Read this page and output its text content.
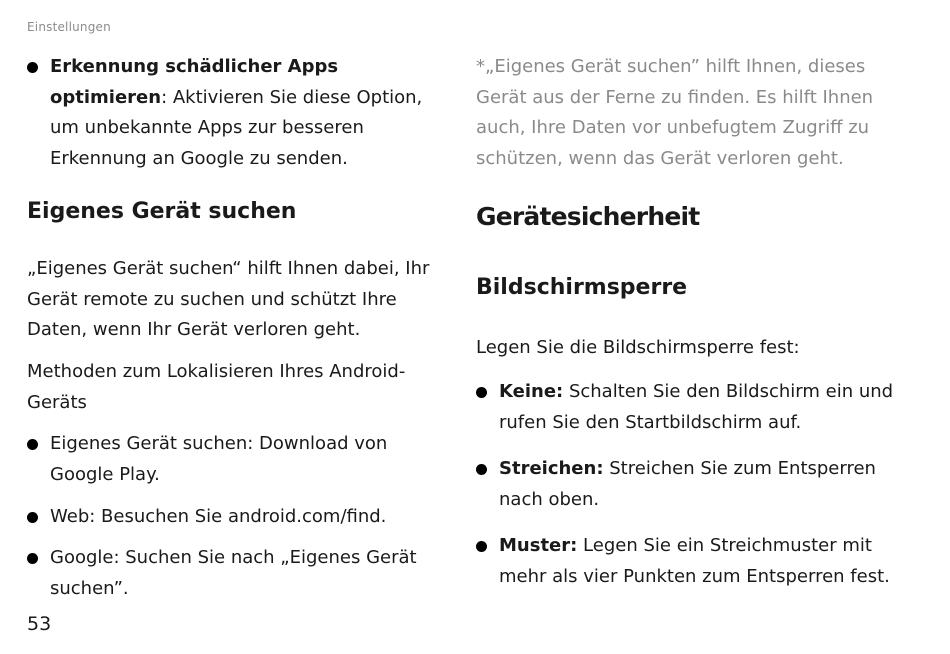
Einstellungen
Erkennung schädlicher Apps optimieren: Aktivieren Sie diese Option, um unbekannte Apps zur besseren Erkennung an Google zu senden.
Eigenes Gerät suchen

„Eigenes Gerät suchen“ hilft Ihnen dabei, Ihr Gerät remote zu suchen und schützt Ihre Daten, wenn Ihr Gerät verloren geht.

Methoden zum Lokalisieren Ihres Android-Geräts

Eigenes Gerät suchen: Download von Google Play.
Web: Besuchen Sie android.com/find.
Google: Suchen Sie nach „Eigenes Gerät suchen”.

*„Eigenes Gerät suchen” hilft Ihnen, dieses Gerät aus der Ferne zu finden. Es hilft Ihnen auch, Ihre Daten vor unbefugtem Zugriff zu schützen, wenn das Gerät verloren geht.

Gerätesicherheit
Bildschirmsperre

Legen Sie die Bildschirmsperre fest:

Keine: Schalten Sie den Bildschirm ein und rufen Sie den Startbildschirm auf.
Streichen: Streichen Sie zum Entsperren nach oben.
Muster: Legen Sie ein Streichmuster mit mehr als vier Punkten zum Entsperren fest.
53
